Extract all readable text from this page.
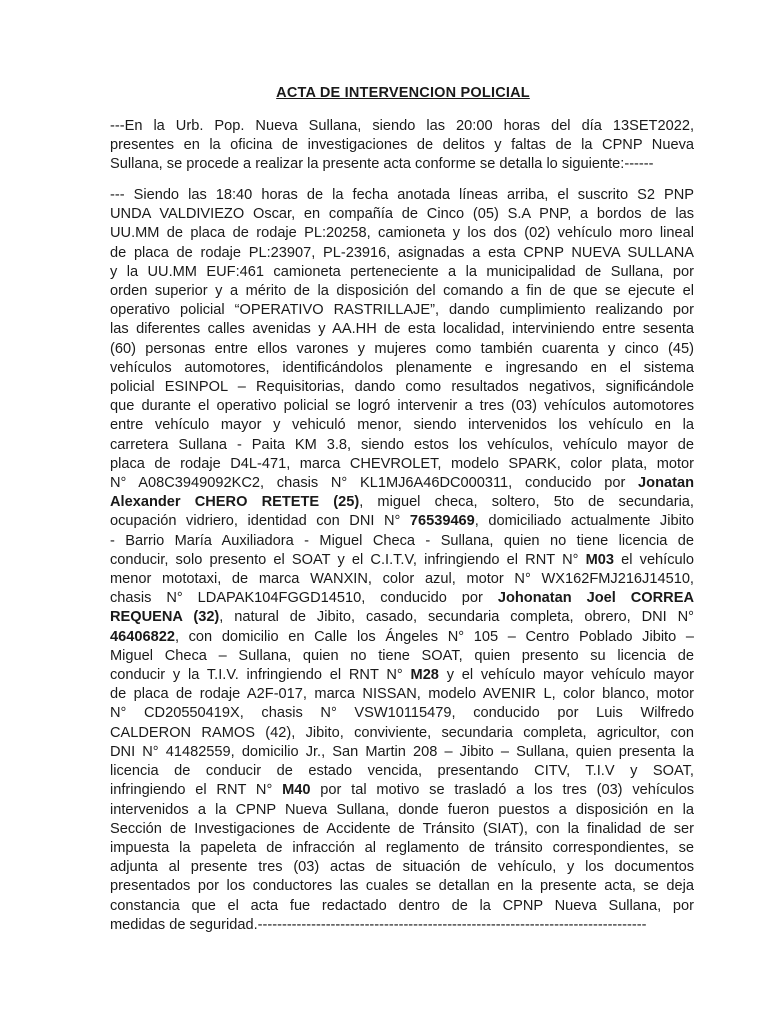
ACTA DE INTERVENCION POLICIAL
---En la Urb. Pop. Nueva Sullana, siendo las 20:00 horas del día 13SET2022,
presentes en la oficina de investigaciones de delitos y faltas de la CPNP Nueva
Sullana, se procede a realizar la presente acta conforme se detalla lo siguiente:------
--- Siendo las 18:40 horas de la fecha anotada líneas arriba, el suscrito S2 PNP
UNDA VALDIVIEZO Oscar, en compañía de Cinco (05) S.A PNP, a bordos de las
UU.MM de placa de rodaje PL:20258, camioneta y los dos (02) vehículo moro lineal
de placa de rodaje PL:23907, PL-23916, asignadas a esta CPNP NUEVA SULLANA
y la UU.MM EUF:461 camioneta perteneciente a la municipalidad de Sullana, por
orden superior y a mérito de la disposición del comando a fin de que se ejecute el
operativo policial “OPERATIVO RASTRILLAJE”, dando cumplimiento realizando por
las diferentes calles avenidas y AA.HH de esta localidad, interviniendo entre sesenta
(60) personas entre ellos varones y mujeres como también cuarenta y cinco (45)
vehículos automotores, identificándolos plenamente e ingresando en el sistema
policial ESINPOL – Requisitorias, dando como resultados negativos, significándole
que durante el operativo policial se logró intervenir a tres (03) vehículos automotores
entre vehículo mayor y vehiculó menor, siendo intervenidos los vehículo en la
carretera Sullana - Paita KM 3.8, siendo estos los vehículos, vehículo mayor de
placa de rodaje D4L-471, marca CHEVROLET, modelo SPARK, color plata, motor
N° A08C3949092KC2, chasis N° KL1MJ6A46DC000311, conducido por Jonatan
Alexander CHERO RETETE (25), miguel checa, soltero, 5to de secundaria,
ocupación vidriero, identidad con DNI N° 76539469, domiciliado actualmente Jibito
- Barrio María Auxiliadora - Miguel Checa - Sullana, quien no tiene licencia de
conducir, solo presento el SOAT y el C.I.T.V, infringiendo el RNT N° M03 el vehículo
menor mototaxi, de marca WANXIN, color azul, motor N° WX162FMJ216J14510,
chasis N° LDAPAK104FGGD14510, conducido por Johonatan Joel CORREA
REQUENA (32), natural de Jibito, casado, secundaria completa, obrero, DNI N°
46406822, con domicilio en Calle los Ángeles N° 105 – Centro Poblado Jibito –
Miguel Checa – Sullana, quien no tiene SOAT, quien presento su licencia de
conducir y la T.I.V. infringiendo el RNT N° M28 y el vehículo mayor vehículo mayor
de placa de rodaje A2F-017, marca NISSAN, modelo AVENIR L, color blanco, motor
N° CD20550419X, chasis N° VSW10115479, conducido por Luis Wilfredo
CALDERON RAMOS (42), Jibito, conviviente, secundaria completa, agricultor, con
DNI N° 41482559, domicilio Jr., San Martin 208 – Jibito – Sullana, quien presenta la
licencia de conducir de estado vencida, presentando CITV, T.I.V y SOAT,
infringiendo el RNT N° M40 por tal motivo se trasladó a los tres (03) vehículos
intervenidos a la CPNP Nueva Sullana, donde fueron puestos a disposición en la
Sección de Investigaciones de Accidente de Tránsito (SIAT), con la finalidad de ser
impuesta la papeleta de infracción al reglamento de tránsito correspondientes, se
adjunta al presente tres (03) actas de situación de vehículo, y los documentos
presentados por los conductores las cuales se detallan en la presente acta, se deja
constancia que el acta fue redactado dentro de la CPNP Nueva Sullana, por
medidas de seguridad.--------------------------------------------------------------------------------
